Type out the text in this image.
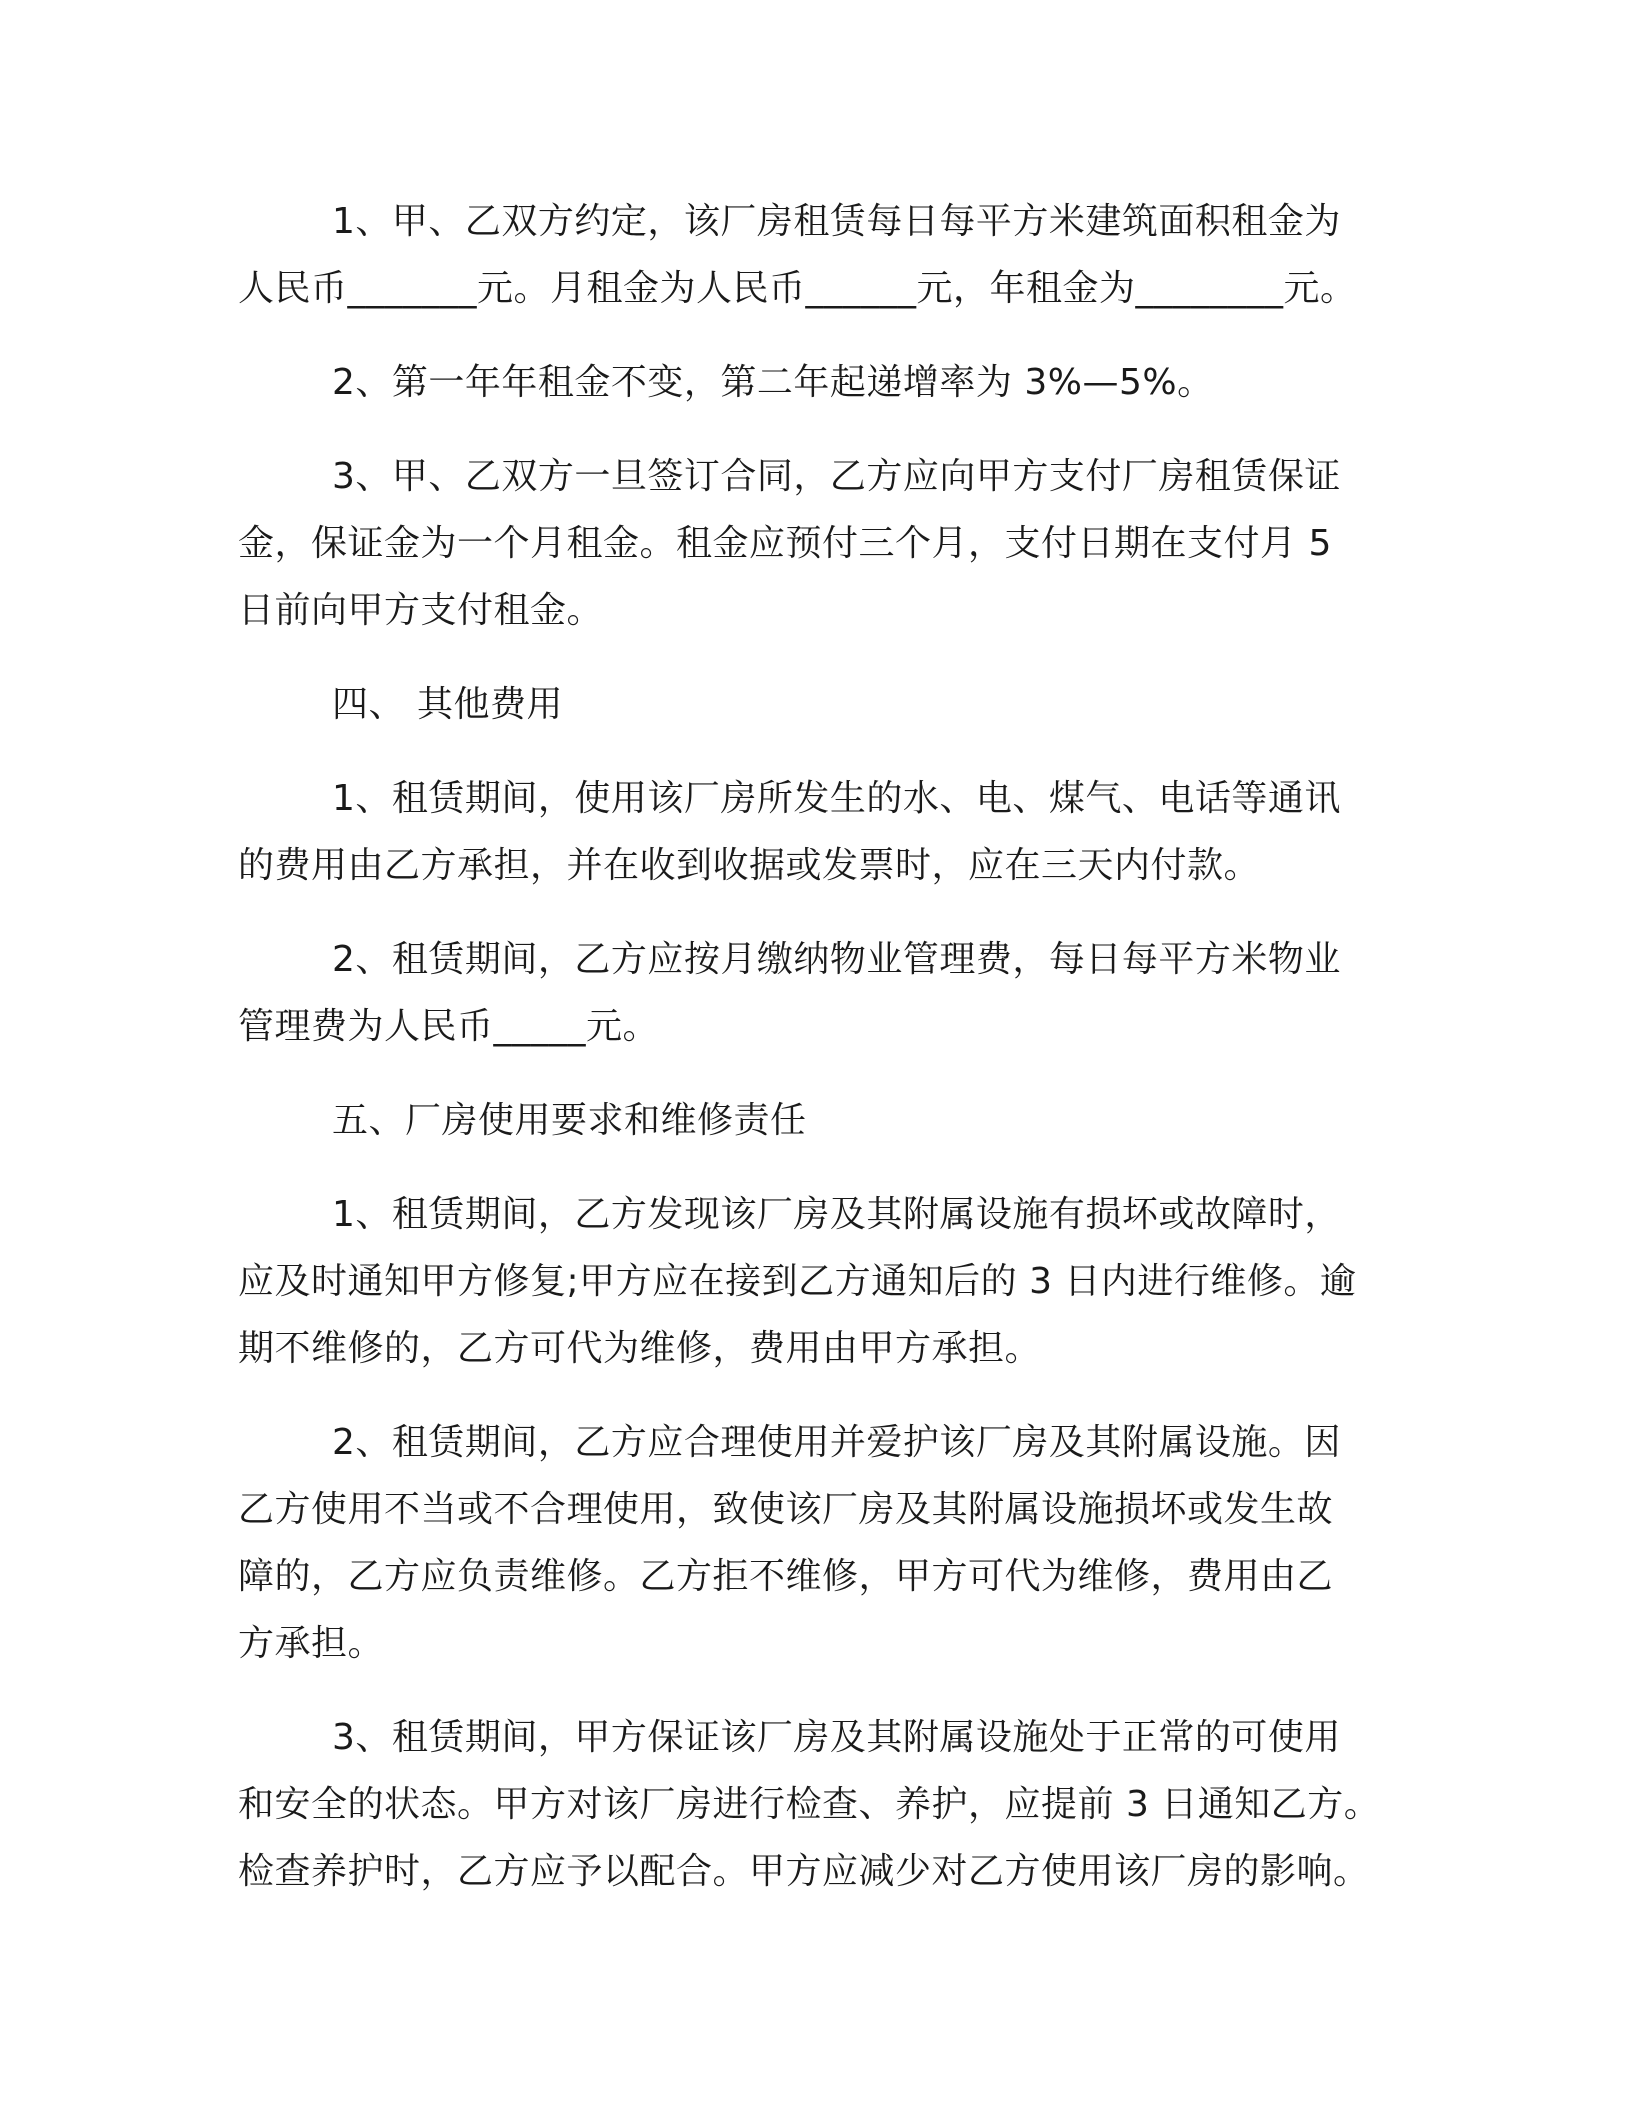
1、甲、乙双方约定，该厂房租赁每日每平方米建筑面积租金为
人民币_______元。月租金为人民币______元，年租金为________元。
2、第一年年租金不变，第二年起递增率为 3%—5%。
3、甲、乙双方一旦签订合同，乙方应向甲方支付厂房租赁保证
金，保证金为一个月租金。租金应预付三个月，支付日期在支付月 5
日前向甲方支付租金。
四、 其他费用
1、租赁期间，使用该厂房所发生的水、电、煤气、电话等通讯
的费用由乙方承担，并在收到收据或发票时，应在三天内付款。
2、租赁期间，乙方应按月缴纳物业管理费，每日每平方米物业
管理费为人民币_____元。
五、厂房使用要求和维修责任
1、租赁期间，乙方发现该厂房及其附属设施有损坏或故障时，
应及时通知甲方修复;甲方应在接到乙方通知后的 3 日内进行维修。逾
期不维修的，乙方可代为维修，费用由甲方承担。
2、租赁期间，乙方应合理使用并爱护该厂房及其附属设施。因
乙方使用不当或不合理使用，致使该厂房及其附属设施损坏或发生故
障的，乙方应负责维修。乙方拒不维修，甲方可代为维修，费用由乙
方承担。
3、租赁期间，甲方保证该厂房及其附属设施处于正常的可使用
和安全的状态。甲方对该厂房进行检查、养护，应提前 3 日通知乙方。
检查养护时，乙方应予以配合。甲方应减少对乙方使用该厂房的影响。
